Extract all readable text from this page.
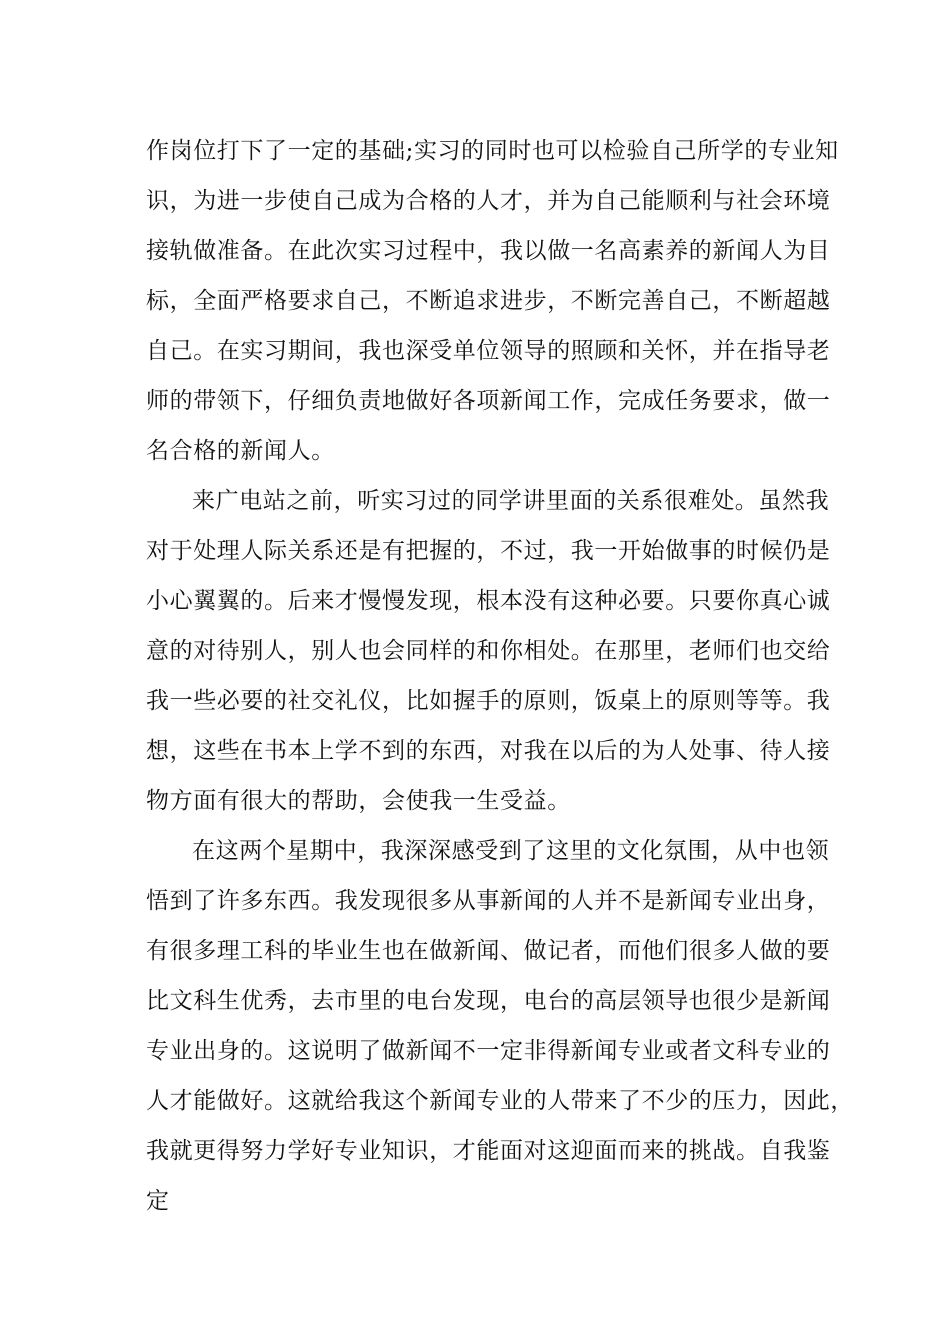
作岗位打下了一定的基础;实习的同时也可以检验自己所学的专业知
识，为进一步使自己成为合格的人才，并为自己能顺利与社会环境
接轨做准备。在此次实习过程中，我以做一名高素养的新闻人为目
标，全面严格要求自己，不断追求进步，不断完善自己，不断超越
自己。在实习期间，我也深受单位领导的照顾和关怀，并在指导老
师的带领下，仔细负责地做好各项新闻工作，完成任务要求，做一
名合格的新闻人。
来广电站之前，听实习过的同学讲里面的关系很难处。虽然我
对于处理人际关系还是有把握的，不过，我一开始做事的时候仍是
小心翼翼的。后来才慢慢发现，根本没有这种必要。只要你真心诚
意的对待别人，别人也会同样的和你相处。在那里，老师们也交给
我一些必要的社交礼仪，比如握手的原则，饭桌上的原则等等。我
想，这些在书本上学不到的东西，对我在以后的为人处事、待人接
物方面有很大的帮助，会使我一生受益。
在这两个星期中，我深深感受到了这里的文化氛围，从中也领
悟到了许多东西。我发现很多从事新闻的人并不是新闻专业出身，
有很多理工科的毕业生也在做新闻、做记者，而他们很多人做的要
比文科生优秀，去市里的电台发现，电台的高层领导也很少是新闻
专业出身的。这说明了做新闻不一定非得新闻专业或者文科专业的
人才能做好。这就给我这个新闻专业的人带来了不少的压力，因此，
我就更得努力学好专业知识，才能面对这迎面而来的挑战。自我鉴
定
